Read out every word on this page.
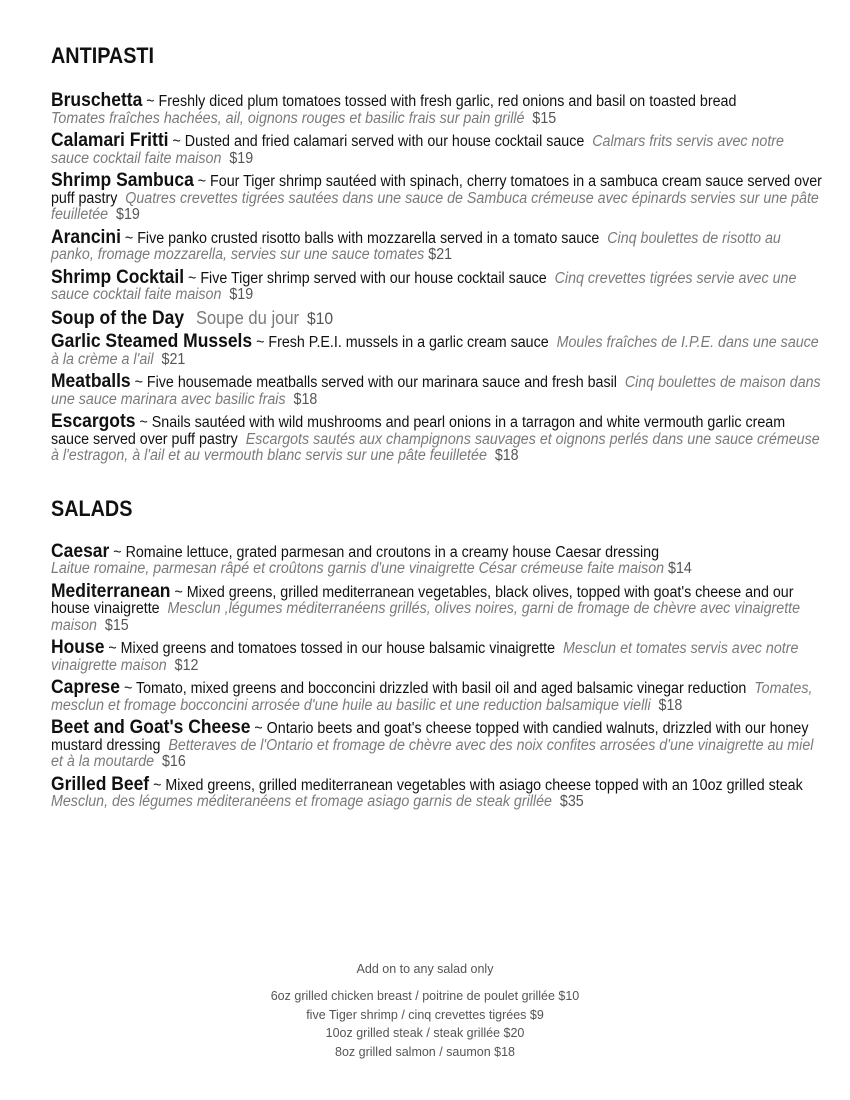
ANTIPASTI

Bruschetta ~ Freshly diced plum tomatoes tossed with fresh garlic, red onions and basil on toasted bread
Tomates fraîches hachées, ail, oignons rouges et basilic frais sur pain grillé $15

Calamari Fritti ~ Dusted and fried calamari served with our house cocktail sauce Calmars frits servis avec notre sauce cocktail faite maison $19

Shrimp Sambuca ~ Four Tiger shrimp sautéed with spinach, cherry tomatoes in a sambuca cream sauce served over puff pastry Quatres crevettes tigrées sautées dans une sauce de Sambuca crémeuse avec épinards servies sur une pâte feuilletée $19

Arancini ~ Five panko crusted risotto balls with mozzarella served in a tomato sauce Cinq boulettes de risotto au panko, fromage mozzarella, servies sur une sauce tomates $21

Shrimp Cocktail ~ Five Tiger shrimp served with our house cocktail sauce Cinq crevettes tigrées servie avec une sauce cocktail faite maison $19

Soup of the Day Soupe du jour $10

Garlic Steamed Mussels ~ Fresh P.E.I. mussels in a garlic cream sauce Moules fraîches de I.P.E. dans une sauce à la crème a l'ail $21

Meatballs ~ Five housemade meatballs served with our marinara sauce and fresh basil Cinq boulettes de maison dans une sauce marinara avec basilic frais $18

Escargots ~ Snails sautéed with wild mushrooms and pearl onions in a tarragon and white vermouth garlic cream sauce served over puff pastry Escargots sautés aux champignons sauvages et oignons perlés dans une sauce crémeuse à l'estragon, à l'ail et au vermouth blanc servis sur une pâte feuilletée $18

SALADS

Caesar ~ Romaine lettuce, grated parmesan and croutons in a creamy house Caesar dressing
Laitue romaine, parmesan râpé et croûtons garnis d'une vinaigrette César crémeuse faite maison $14

Mediterranean ~ Mixed greens, grilled mediterranean vegetables, black olives, topped with goat's cheese and our house vinaigrette Mesclun ,légumes méditerranéens grillés, olives noires, garni de fromage de chèvre avec vinaigrette maison $15

House ~ Mixed greens and tomatoes tossed in our house balsamic vinaigrette Mesclun et tomates servis avec notre vinaigrette maison $12

Caprese ~ Tomato, mixed greens and bocconcini drizzled with basil oil and aged balsamic vinegar reduction Tomates, mesclun et fromage bocconcini arrosée d'une huile au basilic et une reduction balsamique vielli $18

Beet and Goat's Cheese ~ Ontario beets and goat's cheese topped with candied walnuts, drizzled with our honey mustard dressing Betteraves de l'Ontario et fromage de chèvre avec des noix confites arrosées d'une vinaigrette au miel et à la moutarde $16

Grilled Beef ~ Mixed greens, grilled mediterranean vegetables with asiago cheese topped with an 10oz grilled steak  Mesclun, des légumes méditeranéens et fromage asiago garnis de steak grillée $35

Add on to any salad only
6oz grilled chicken breast / poitrine de poulet grillée $10
five Tiger shrimp / cinq crevettes tigrées $9
10oz grilled steak / steak grillée $20
8oz grilled salmon / saumon $18
